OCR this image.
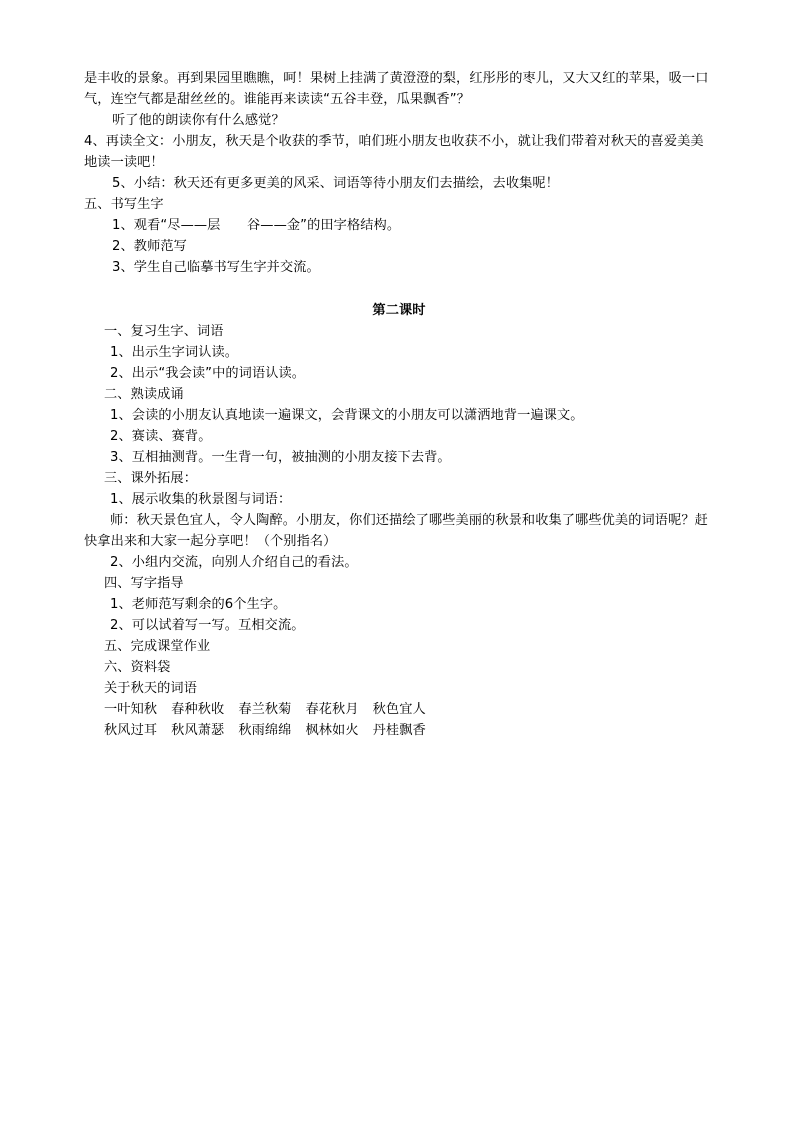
是丰收的景象。再到果园里瞧瞧，呵！果树上挂满了黄澄澄的梨，红彤彤的枣儿，又大又红的苹果，吸一口气，连空气都是甜丝丝的。谁能再来读读“五谷丰登，瓜果飘香”？

听了他的朗读你有什么感觉？

4、再读全文：小朋友，秋天是个收获的季节，咱们班小朋友也收获不小，就让我们带着对秋天的喜爱美美地读一读吧！

5、小结：秋天还有更多更美的风采、词语等待小朋友们去描绘，去收集呢！

五、书写生字

1、观看“尽——层　　谷——金”的田字格结构。

2、教师范写

3、学生自己临摹书写生字并交流。

第二课时

一、复习生字、词语

1、出示生字词认读。

2、出示“我会读”中的词语认读。

二、熟读成诵

1、会读的小朋友认真地读一遍课文，会背课文的小朋友可以潇洒地背一遍课文。

2、赛读、赛背。

3、互相抽测背。一生背一句，被抽测的小朋友接下去背。

三、课外拓展：

1、展示收集的秋景图与词语：

师：秋天景色宜人，令人陶醉。小朋友，你们还描绘了哪些美丽的秋景和收集了哪些优美的词语呢？赶快拿出来和大家一起分享吧！（个别指名）

2、小组内交流，向别人介绍自己的看法。

四、写字指导

1、老师范写剩余的6个生字。

2、可以试着写一写。互相交流。

五、完成课堂作业

六、资料袋

关于秋天的词语

一叶知秋 春种秋收 春兰秋菊 春花秋月 秋色宜人

秋风过耳 秋风萧瑟 秋雨绵绵 枫林如火 丹桂飘香
